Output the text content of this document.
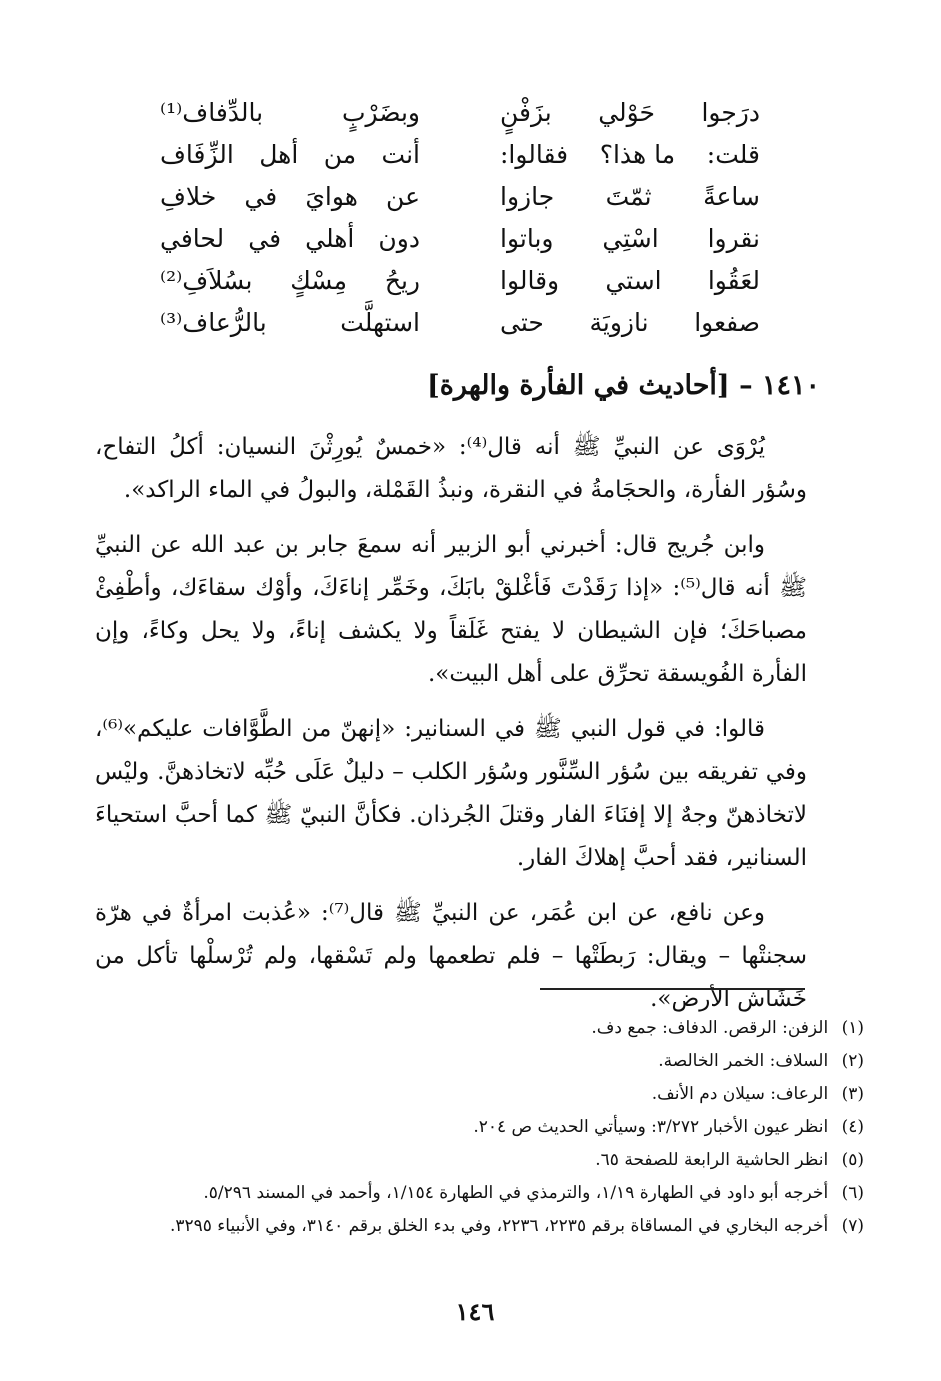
درَجوا
حَوْلي
بزَفْنٍ
وبضَرْبٍ
بالدِّفاف⁽¹⁾
قلت:
ما هذا؟
فقالوا:
أنت
من
أهل
الزِّفَاف
ساعةً
ثمّتَ
جازوا
عن
هوايَ
في
خلافِ
نقروا
اسْتِي
وباتوا
دون
أهلي
في
لحافي
لعَقُوا
استي
وقالوا
ريحُ
مِسْكٍ
بسُلاَفِ⁽²⁾
صفعوا
نازويَة
حتى
استهلَّت
بالرُّعاف⁽³⁾
١٤١٠ – [أحاديث في الفأرة والهرة]

يُرْوَى عن النبيِّ ﷺ أنه قال⁽⁴⁾: «خمسٌ يُورِثْنَ النسيان: أكلُ التفاح، وسُؤر الفأرة، والحجَامةُ في النقرة، ونبذُ القَمْلة، والبولُ في الماء الراكد».

وابن جُريج قال: أخبرني أبو الزبير أنه سمعَ جابر بن عبد الله عن النبيِّ ﷺ أنه قال⁽⁵⁾: «إذا رَقَدْتَ فَأغْلقْ بابَكَ، وخَمِّر إناءَكَ، وأوْك سقاءَك، وأطْفِئْ مصباحَكَ؛ فإن الشيطان لا يفتح غَلَقاً ولا يكشف إناءً، ولا يحل وكاءً، وإن الفأرة الفُويسقة تحرِّق على أهل البيت».

قالوا: في قول النبي ﷺ في السنانير: «إنهنّ من الطَّوَّافات عليكم»⁽⁶⁾، وفي تفريقه بين سُؤر السِّنَّور وسُؤر الكلب – دليلٌ عَلَى حُبِّه لاتخاذهنَّ. وليْس لاتخاذهنّ وجهٌ إلا إفنَاءَ الفار وقتلَ الجُرذان. فكأنَّ النبيّ ﷺ كما أحبَّ استحياءَ السنانير، فقد أحبَّ إهلاكَ الفار.

وعن نافع، عن ابن عُمَر، عن النبيِّ ﷺ قال⁽⁷⁾: «عُذبت امرأةٌ في هرّة سجنتْها – ويقال: رَبطَتْها – فلم تطعمها ولم تَسْقها، ولم تُرْسلْها تأكل من خَشَاش الأرض».

(١) الزفن: الرقص. الدفاف: جمع دف.
(٢) السلاف: الخمر الخالصة.
(٣) الرعاف: سيلان دم الأنف.
(٤) انظر عيون الأخبار ٣/٢٧٢: وسيأتي الحديث ص ٢٠٤.
(٥) انظر الحاشية الرابعة للصفحة ٦٥.
(٦) أخرجه أبو داود في الطهارة ١/١٩، والترمذي في الطهارة ١/١٥٤، وأحمد في المسند ٥/٢٩٦.
(٧) أخرجه البخاري في المساقاة برقم ٢٢٣٥، ٢٢٣٦، وفي بدء الخلق برقم ٣١٤٠، وفي الأنبياء ٣٢٩٥.
١٤٦
